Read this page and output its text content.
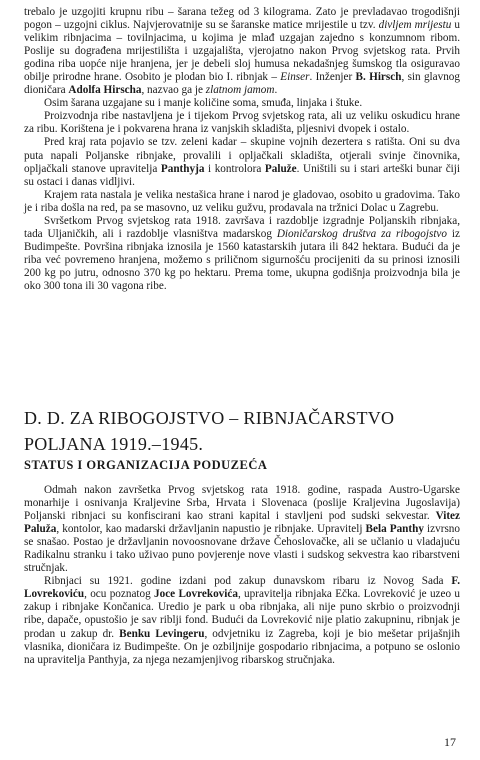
trebalo je uzgojiti krupnu ribu – šarana težeg od 3 kilograma. Zato je prevladavao trogodišnji pogon – uzgojni ciklus. Najvjerovatnije su se šaranske matice mrijestile u tzv. divljem mrijestu u velikim ribnjacima – tovilnjacima, u kojima je mlađ uzgajan zajedno s konzumnom ribom. Poslije su dograđena mrijestilišta i uzgajališta, vjerojatno nakon Prvog svjetskog rata. Prvih godina riba uopće nije hranjena, jer je debeli sloj humusa nekadašnjeg šumskog tla osiguravao obilje prirodne hrane. Osobito je plodan bio I. ribnjak – Einser. Inženjer B. Hirsch, sin glavnog dioničara Adolfa Hirscha, nazvao ga je zlatnom jamom.

Osim šarana uzgajane su i manje količine soma, smuđa, linjaka i štuke.

Proizvodnja ribe nastavljena je i tijekom Prvog svjetskog rata, ali uz veliku oskudicu hrane za ribu. Korištena je i pokvarena hrana iz vanjskih skladišta, pljesnivi dvopek i ostalo.

Pred kraj rata pojavio se tzv. zeleni kadar – skupine vojnih dezertera s ratišta. Oni su dva puta napali Poljanske ribnjake, provalili i opljačkali skladišta, otjerali svinje činovnika, opljačkali stanove upravitelja Panthyja i kontrolora Paluže. Uništili su i stari arteški bunar čiji su ostaci i danas vidljivi.

Krajem rata nastala je velika nestašica hrane i narod je gladovao, osobito u gradovima. Tako je i riba došla na red, pa se masovno, uz veliku gužvu, prodavala na tržnici Dolac u Zagrebu.

Svršetkom Prvog svjetskog rata 1918. završava i razdoblje izgradnje Poljanskih ribnjaka, tada Uljaničkih, ali i razdoblje vlasništva madarskog Dioničarskog društva za ribogojstvo iz Budimpešte. Površina ribnjaka iznosila je 1560 katastarskih jutara ili 842 hektara. Budući da je riba već povremeno hranjena, možemo s priličnom sigurnošću procijeniti da su prinosi iznosili 200 kg po jutru, odnosno 370 kg po hektaru. Prema tome, ukupna godišnja proizvodnja bila je oko 300 tona ili 30 vagona ribe.

D. D. ZA RIBOGOJSTVO – RIBNJAČARSTVO POLJANA 1919.–1945.
STATUS I ORGANIZACIJA PODUZEĆA

Odmah nakon završetka Prvog svjetskog rata 1918. godine, raspada Austro-Ugarske monarhije i osnivanja Kraljevine Srba, Hrvata i Slovenaca (poslije Kraljevina Jugoslavija) Poljanski ribnjaci su konfiscirani kao strani kapital i stavljeni pod sudski sekvestar. Vitez Paluža, kontolor, kao madarski državljanin napustio je ribnjake. Upravitelj Bela Panthy izvrsno se snašao. Postao je državljanin novoosnovane države Čehoslovačke, ali se učlanio u vladajuću Radikalnu stranku i tako uživao puno povjerenje nove vlasti i sudskog sekvestra kao ribarstveni stručnjak.

Ribnjaci su 1921. godine izdani pod zakup dunavskom ribaru iz Novog Sada F. Lovrekoviću, ocu poznatog Joce Lovrekovića, upravitelja ribnjaka Ečka. Lovreković je uzeo u zakup i ribnjake Končanica. Uredio je park u oba ribnjaka, ali nije puno skrbio o proizvodnji ribe, dapače, opustošio je sav riblji fond. Budući da Lovreković nije platio zakupninu, ribnjak je prodan u zakup dr. Benku Levingeru, odvjetniku iz Zagreba, koji je bio mešetar prijašnjih vlasnika, dioničara iz Budimpešte. On je ozbiljnije gospodario ribnjacima, a potpuno se oslonio na upravitelja Panthyja, za njega nezamjenjivog ribarskog stručnjaka.

17
